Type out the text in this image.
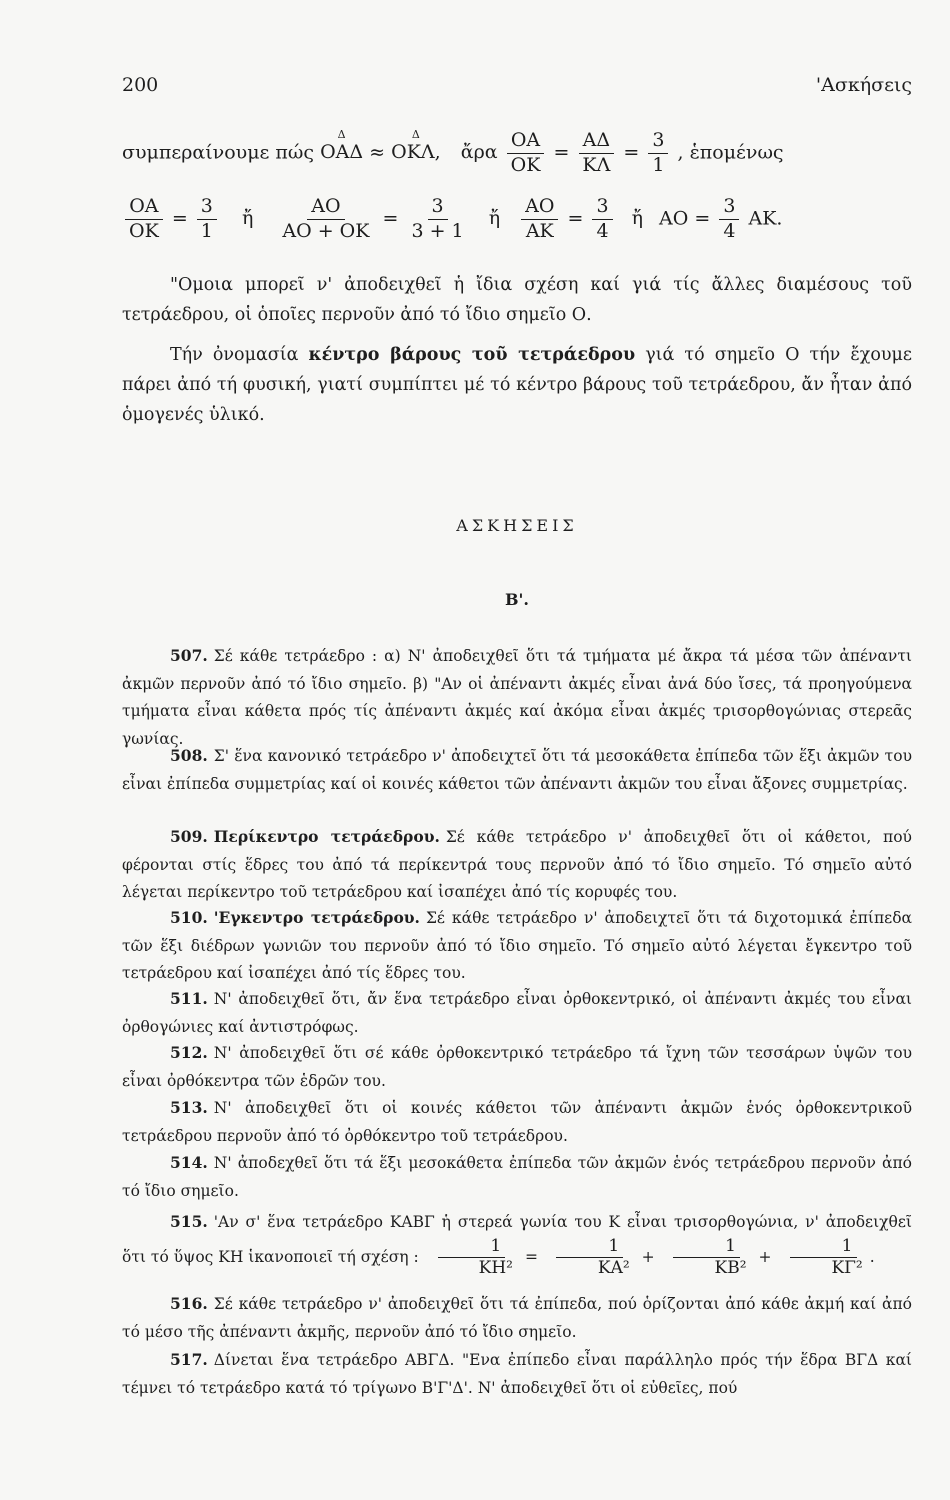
200	'Ασκήσεις
συμπεραίνουμε πώς Δ ΟΑΔ ≈ Δ ΟΚΛ, ἄρα $\frac{OA}{OK} = \frac{A\Delta}{K\Lambda} = \frac{3}{1}$ , ἑπομένως
$\frac{OA}{OK} = \frac{3}{1}$ ἤ $\frac{AO}{AO + OK} = \frac{3}{3 + 1}$ ἤ $\frac{AO}{AK} = \frac{3}{4}$ ἤ $AO = \frac{3}{4} AK$.
"Ομοια μπορεῖ ν' ἀποδειχθεῖ ἡ ἴδια σχέση καί γιά τίς ἄλλες διαμέσους τοῦ τετράεδρου, οἱ ὁποῖες περνοῦν ἀπό τό ἴδιο σημεῖο Ο.
Τήν ὀνομασία κέντρο βάρους τοῦ τετράεδρου γιά τό σημεῖο Ο τήν ἔχουμε πάρει ἀπό τή φυσική, γιατί συμπίπτει μέ τό κέντρο βάρους τοῦ τετράεδρου, ἄν ἦταν ἀπό ὁμογενές ὑλικό.
ΑΣΚΗΣΕΙΣ
Β'.
507. Σέ κάθε τετράεδρο : α) Ν' ἀποδειχθεῖ ὅτι τά τμήματα μέ ἄκρα τά μέσα τῶν ἀπέναντι ἀκμῶν περνοῦν ἀπό τό ἴδιο σημεῖο. β) "Αν οἱ ἀπέναντι ἀκμές εἶναι ἀνά δύο ἴσες, τά προηγούμενα τμήματα εἶναι κάθετα πρός τίς ἀπέναντι ἀκμές καί ἀκόμα εἶναι ἀκμές τρισορθογώνιας στερεᾶς γωνίας.
508. Σ' ἕνα κανονικό τετράεδρο ν' ἀποδειχτεῖ ὅτι τά μεσοκάθετα ἐπίπεδα τῶν ἕξι ἀκμῶν του εἶναι ἐπίπεδα συμμετρίας καί οἱ κοινές κάθετοι τῶν ἀπέναντι ἀκμῶν του εἶναι ἄξονες συμμετρίας.
509. Περίκεντρο τετράεδρου. Σέ κάθε τετράεδρο ν' ἀποδειχθεῖ ὅτι οἱ κάθετοι, πού φέρονται στίς ἕδρες του ἀπό τά περίκεντρά τους περνοῦν ἀπό τό ἴδιο σημεῖο. Τό σημεῖο αὐτό λέγεται περίκεντρο τοῦ τετράεδρου καί ἰσαπέχει ἀπό τίς κορυφές του.
510. 'Εγκεντρο τετράεδρου. Σέ κάθε τετράεδρο ν' ἀποδειχτεῖ ὅτι τά διχοτομικά ἐπίπεδα τῶν ἕξι διέδρων γωνιῶν του περνοῦν ἀπό τό ἴδιο σημεῖο. Τό σημεῖο αὐτό λέγεται ἔγκεντρο τοῦ τετράεδρου καί ἰσαπέχει ἀπό τίς ἕδρες του.
511. Ν' ἀποδειχθεῖ ὅτι, ἄν ἕνα τετράεδρο εἶναι ὀρθοκεντρικό, οἱ ἀπέναντι ἀκμές του εἶναι ὀρθογώνιες καί ἀντιστρόφως.
512. Ν' ἀποδειχθεῖ ὅτι σέ κάθε ὀρθοκεντρικό τετράεδρο τά ἴχνη τῶν τεσσάρων ὑψῶν του εἶναι ὀρθόκεντρα τῶν ἑδρῶν του.
513. Ν' ἀποδειχθεῖ ὅτι οἱ κοινές κάθετοι τῶν ἀπέναντι ἀκμῶν ἑνός ὀρθοκεντρικοῦ τετράεδρου περνοῦν ἀπό τό ὀρθόκεντρο τοῦ τετράεδρου.
514. Ν' ἀποδεχθεῖ ὅτι τά ἕξι μεσοκάθετα ἐπίπεδα τῶν ἀκμῶν ἑνός τετράεδρου περνοῦν ἀπό τό ἴδιο σημεῖο.
515. 'Αν σ' ἕνα τετράεδρο ΚΑΒΓ ἡ στερεά γωνία του Κ εἶναι τρισορθογώνια, ν' ἀποδειχθεῖ ὅτι τό ὕψος ΚΗ ἱκανοποιεῖ τή σχέση : $\frac{1}{\text{ΚΗ²}} = \frac{1}{\text{ΚΑ²}} + \frac{1}{\text{ΚΒ²}} + \frac{1}{\text{ΚΓ²}}$ .
516. Σέ κάθε τετράεδρο ν' ἀποδειχθεῖ ὅτι τά ἐπίπεδα, πού ὁρίζονται ἀπό κάθε ἀκμή καί ἀπό τό μέσο τῆς ἀπέναντι ἀκμῆς, περνοῦν ἀπό τό ἴδιο σημεῖο.
517. Δίνεται ἕνα τετράεδρο ΑΒΓΔ. "Ενα ἐπίπεδο εἶναι παράλληλο πρός τήν ἕδρα ΒΓΔ καί τέμνει τό τετράεδρο κατά τό τρίγωνο Β'Γ'Δ'. Ν' ἀποδειχθεῖ ὅτι οἱ εὐθεῖες, πού
